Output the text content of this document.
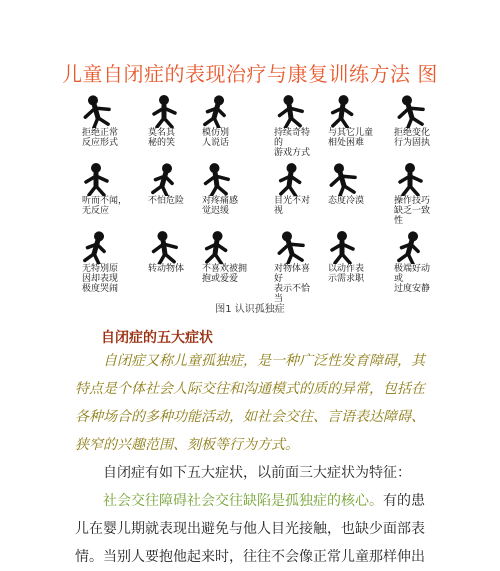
儿童自闭症的表现治疗与康复训练方法 图
拒绝正常
反应形式
莫名其
秘的笑
模仿别
人说话
持续奇特的
游戏方式
与其它儿童
相处困难
拒绝变化
行为固执
听而不闻，
无反应
不怕危险 对疼痛感
觉迟缓
目光不对视
态度冷漠	操作技巧
缺乏一致性
无特别原
因却表现
极度哭闹
转动物体 不喜欢被拥
抱或爱爱
对物体喜好
表示不恰当
以动作表
示需求职
极端好动或
过度安静
图1 认识孤独症
自闭症的五大症状
自闭症又称儿童孤独症，是一种广泛性发育障碍，其特点是个体社会人际交往和沟通模式的质的异常，包括在各种场合的多种功能活动，如社会交往、言语表达障碍、狭窄的兴趣范围、刻板等行为方式。
自闭症有如下五大症状，以前面三大症状为特征：
社会交往障碍社会交往缺陷是孤独症的核心。有的患儿在婴儿期就表现出避免与他人目光接触，也缺少面部表情。当别人要抱他起来时，往往不会像正常儿童那样伸出
